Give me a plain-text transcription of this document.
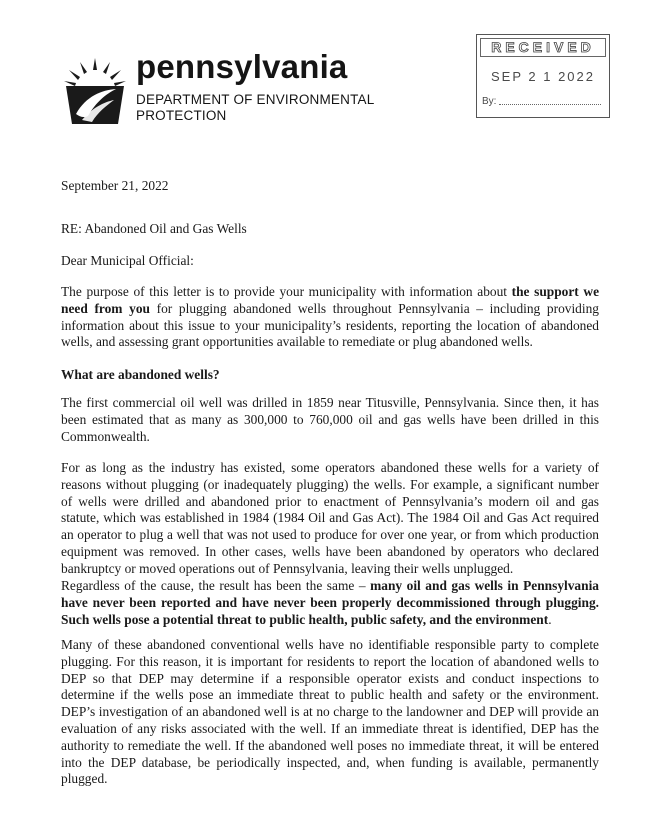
pennsylvania
DEPARTMENT OF ENVIRONMENTAL
PROTECTION
RECEIVED
SEP 2 1 2022
By:
September 21, 2022
RE: Abandoned Oil and Gas Wells
Dear Municipal Official:
The purpose of this letter is to provide your municipality with information about the support we need from you for plugging abandoned wells throughout Pennsylvania – including providing information about this issue to your municipality’s residents, reporting the location of abandoned wells, and assessing grant opportunities available to remediate or plug abandoned wells.
What are abandoned wells?
The first commercial oil well was drilled in 1859 near Titusville, Pennsylvania. Since then, it has been estimated that as many as 300,000 to 760,000 oil and gas wells have been drilled in this Commonwealth.
For as long as the industry has existed, some operators abandoned these wells for a variety of reasons without plugging (or inadequately plugging) the wells. For example, a significant number of wells were drilled and abandoned prior to enactment of Pennsylvania’s modern oil and gas statute, which was established in 1984 (1984 Oil and Gas Act). The 1984 Oil and Gas Act required an operator to plug a well that was not used to produce for over one year, or from which production equipment was removed. In other cases, wells have been abandoned by operators who declared bankruptcy or moved operations out of Pennsylvania, leaving their wells unplugged.
Regardless of the cause, the result has been the same – many oil and gas wells in Pennsylvania have never been reported and have never been properly decommissioned through plugging. Such wells pose a potential threat to public health, public safety, and the environment.
Many of these abandoned conventional wells have no identifiable responsible party to complete plugging. For this reason, it is important for residents to report the location of abandoned wells to DEP so that DEP may determine if a responsible operator exists and conduct inspections to determine if the wells pose an immediate threat to public health and safety or the environment. DEP’s investigation of an abandoned well is at no charge to the landowner and DEP will provide an evaluation of any risks associated with the well. If an immediate threat is identified, DEP has the authority to remediate the well. If the abandoned well poses no immediate threat, it will be entered into the DEP database, be periodically inspected, and, when funding is available, permanently plugged.
